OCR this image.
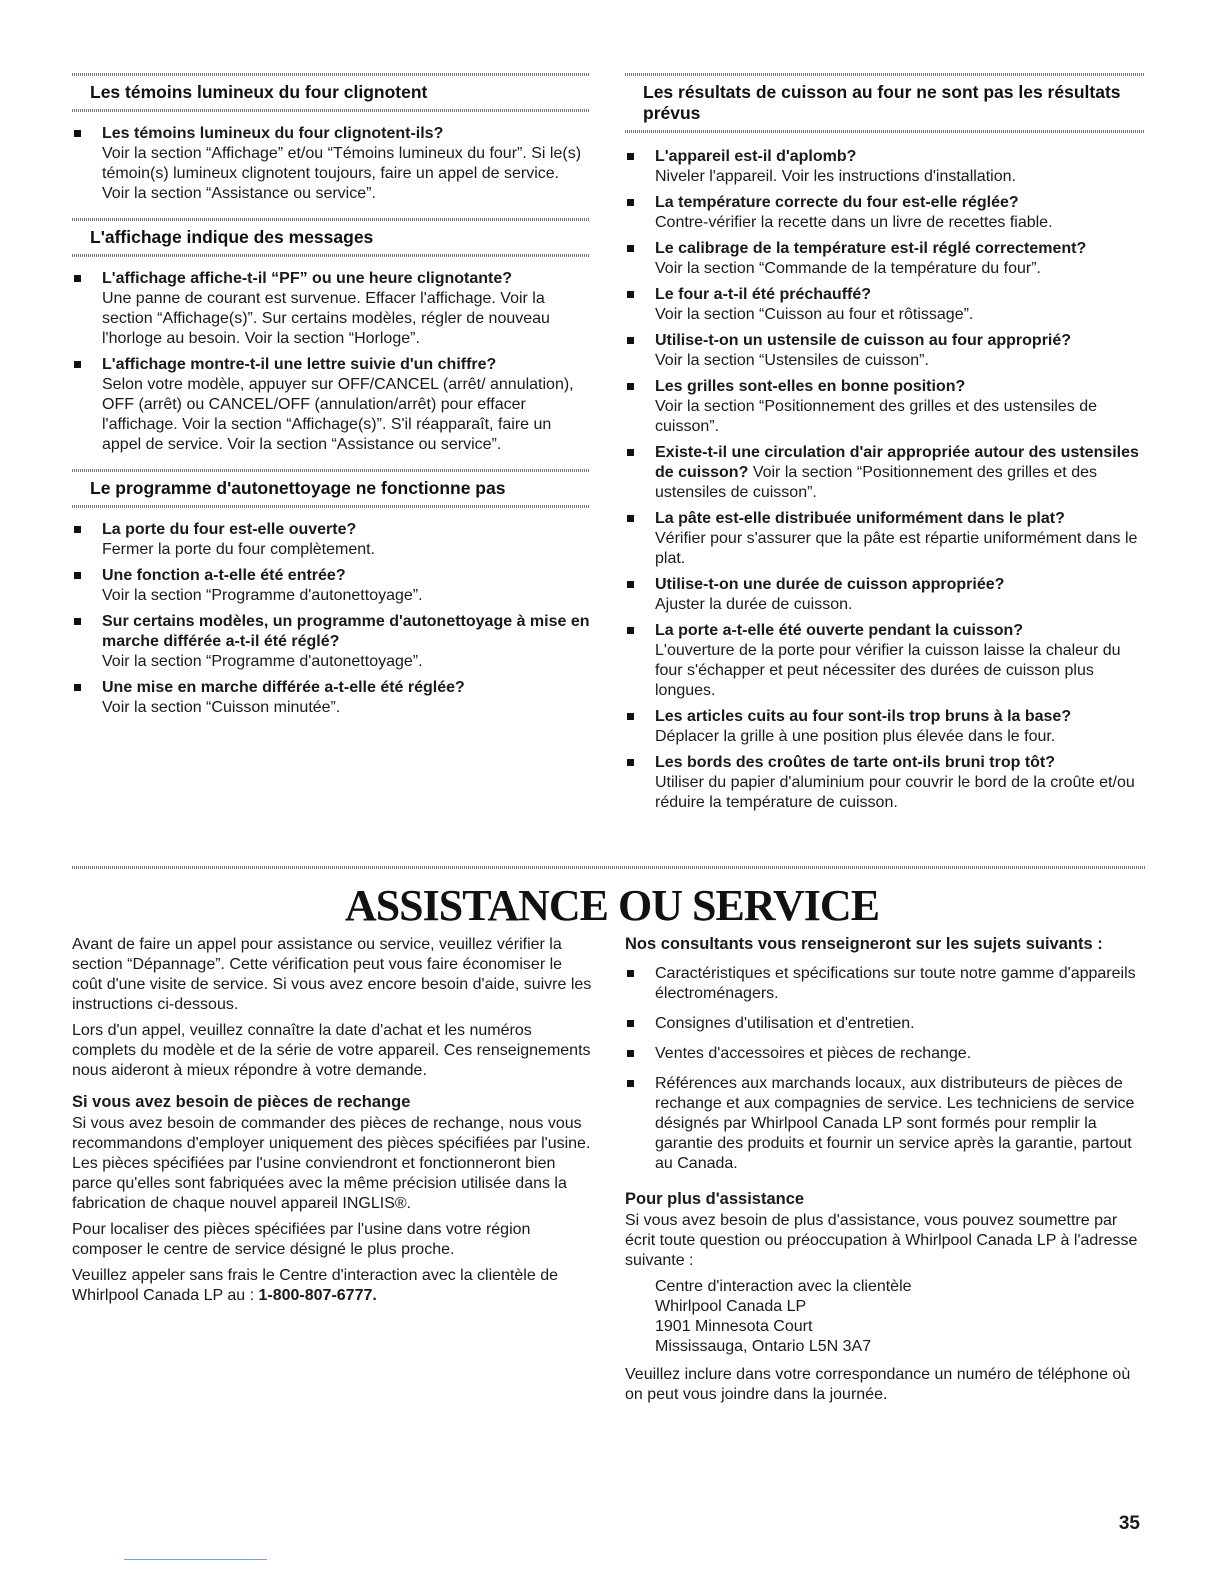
Les témoins lumineux du four clignotent
Les témoins lumineux du four clignotent-ils?
Voir la section “Affichage” et/ou “Témoins lumineux du four”. Si le(s) témoin(s) lumineux clignotent toujours, faire un appel de service. Voir la section “Assistance ou service”.
L'affichage indique des messages
L'affichage affiche-t-il “PF” ou une heure clignotante?
Une panne de courant est survenue. Effacer l'affichage. Voir la section “Affichage(s)”. Sur certains modèles, régler de nouveau l'horloge au besoin. Voir la section “Horloge”.
L'affichage montre-t-il une lettre suivie d'un chiffre?
Selon votre modèle, appuyer sur OFF/CANCEL (arrêt/ annulation), OFF (arrêt) ou CANCEL/OFF (annulation/arrêt) pour effacer l'affichage. Voir la section “Affichage(s)”. S'il réapparaît, faire un appel de service. Voir la section “Assistance ou service”.
Le programme d'autonettoyage ne fonctionne pas
La porte du four est-elle ouverte?
Fermer la porte du four complètement.
Une fonction a-t-elle été entrée?
Voir la section “Programme d'autonettoyage”.
Sur certains modèles, un programme d'autonettoyage à mise en marche différée a-t-il été réglé?
Voir la section “Programme d'autonettoyage”.
Une mise en marche différée a-t-elle été réglée?
Voir la section “Cuisson minutée”.
Les résultats de cuisson au four ne sont pas les résultats prévus
L'appareil est-il d'aplomb?
Niveler l'appareil. Voir les instructions d'installation.
La température correcte du four est-elle réglée?
Contre-vérifier la recette dans un livre de recettes fiable.
Le calibrage de la température est-il réglé correctement?
Voir la section “Commande de la température du four”.
Le four a-t-il été préchauffé?
Voir la section “Cuisson au four et rôtissage”.
Utilise-t-on un ustensile de cuisson au four approprié?
Voir la section “Ustensiles de cuisson”.
Les grilles sont-elles en bonne position?
Voir la section “Positionnement des grilles et des ustensiles de cuisson”.
Existe-t-il une circulation d'air appropriée autour des ustensiles de cuisson? Voir la section “Positionnement des grilles et des ustensiles de cuisson”.
La pâte est-elle distribuée uniformément dans le plat?
Vérifier pour s'assurer que la pâte est répartie uniformément dans le plat.
Utilise-t-on une durée de cuisson appropriée?
Ajuster la durée de cuisson.
La porte a-t-elle été ouverte pendant la cuisson?
L'ouverture de la porte pour vérifier la cuisson laisse la chaleur du four s'échapper et peut nécessiter des durées de cuisson plus longues.
Les articles cuits au four sont-ils trop bruns à la base?
Déplacer la grille à une position plus élevée dans le four.
Les bords des croûtes de tarte ont-ils bruni trop tôt?
Utiliser du papier d'aluminium pour couvrir le bord de la croûte et/ou réduire la température de cuisson.
ASSISTANCE OU SERVICE

Avant de faire un appel pour assistance ou service, veuillez vérifier la section “Dépannage”. Cette vérification peut vous faire économiser le coût d'une visite de service. Si vous avez encore besoin d'aide, suivre les instructions ci-dessous.

Lors d'un appel, veuillez connaître la date d'achat et les numéros complets du modèle et de la série de votre appareil. Ces renseignements nous aideront à mieux répondre à votre demande.

Si vous avez besoin de pièces de rechange

Si vous avez besoin de commander des pièces de rechange, nous vous recommandons d'employer uniquement des pièces spécifiées par l'usine. Les pièces spécifiées par l'usine conviendront et fonctionneront bien parce qu'elles sont fabriquées avec la même précision utilisée dans la fabrication de chaque nouvel appareil INGLIS®.

Pour localiser des pièces spécifiées par l'usine dans votre région composer le centre de service désigné le plus proche.

Veuillez appeler sans frais le Centre d'interaction avec la clientèle de Whirlpool Canada LP au : 1-800-807-6777.

Nos consultants vous renseigneront sur les sujets suivants :
Caractéristiques et spécifications sur toute notre gamme d'appareils électroménagers.
Consignes d'utilisation et d'entretien.
Ventes d'accessoires et pièces de rechange.
Références aux marchands locaux, aux distributeurs de pièces de rechange et aux compagnies de service. Les techniciens de service désignés par Whirlpool Canada LP sont formés pour remplir la garantie des produits et fournir un service après la garantie, partout au Canada.
Pour plus d'assistance

Si vous avez besoin de plus d'assistance, vous pouvez soumettre par écrit toute question ou préoccupation à Whirlpool Canada LP à l'adresse suivante :

Centre d'interaction avec la clientèle
Whirlpool Canada LP
1901 Minnesota Court
Mississauga, Ontario L5N 3A7

Veuillez inclure dans votre correspondance un numéro de téléphone où on peut vous joindre dans la journée.

35
